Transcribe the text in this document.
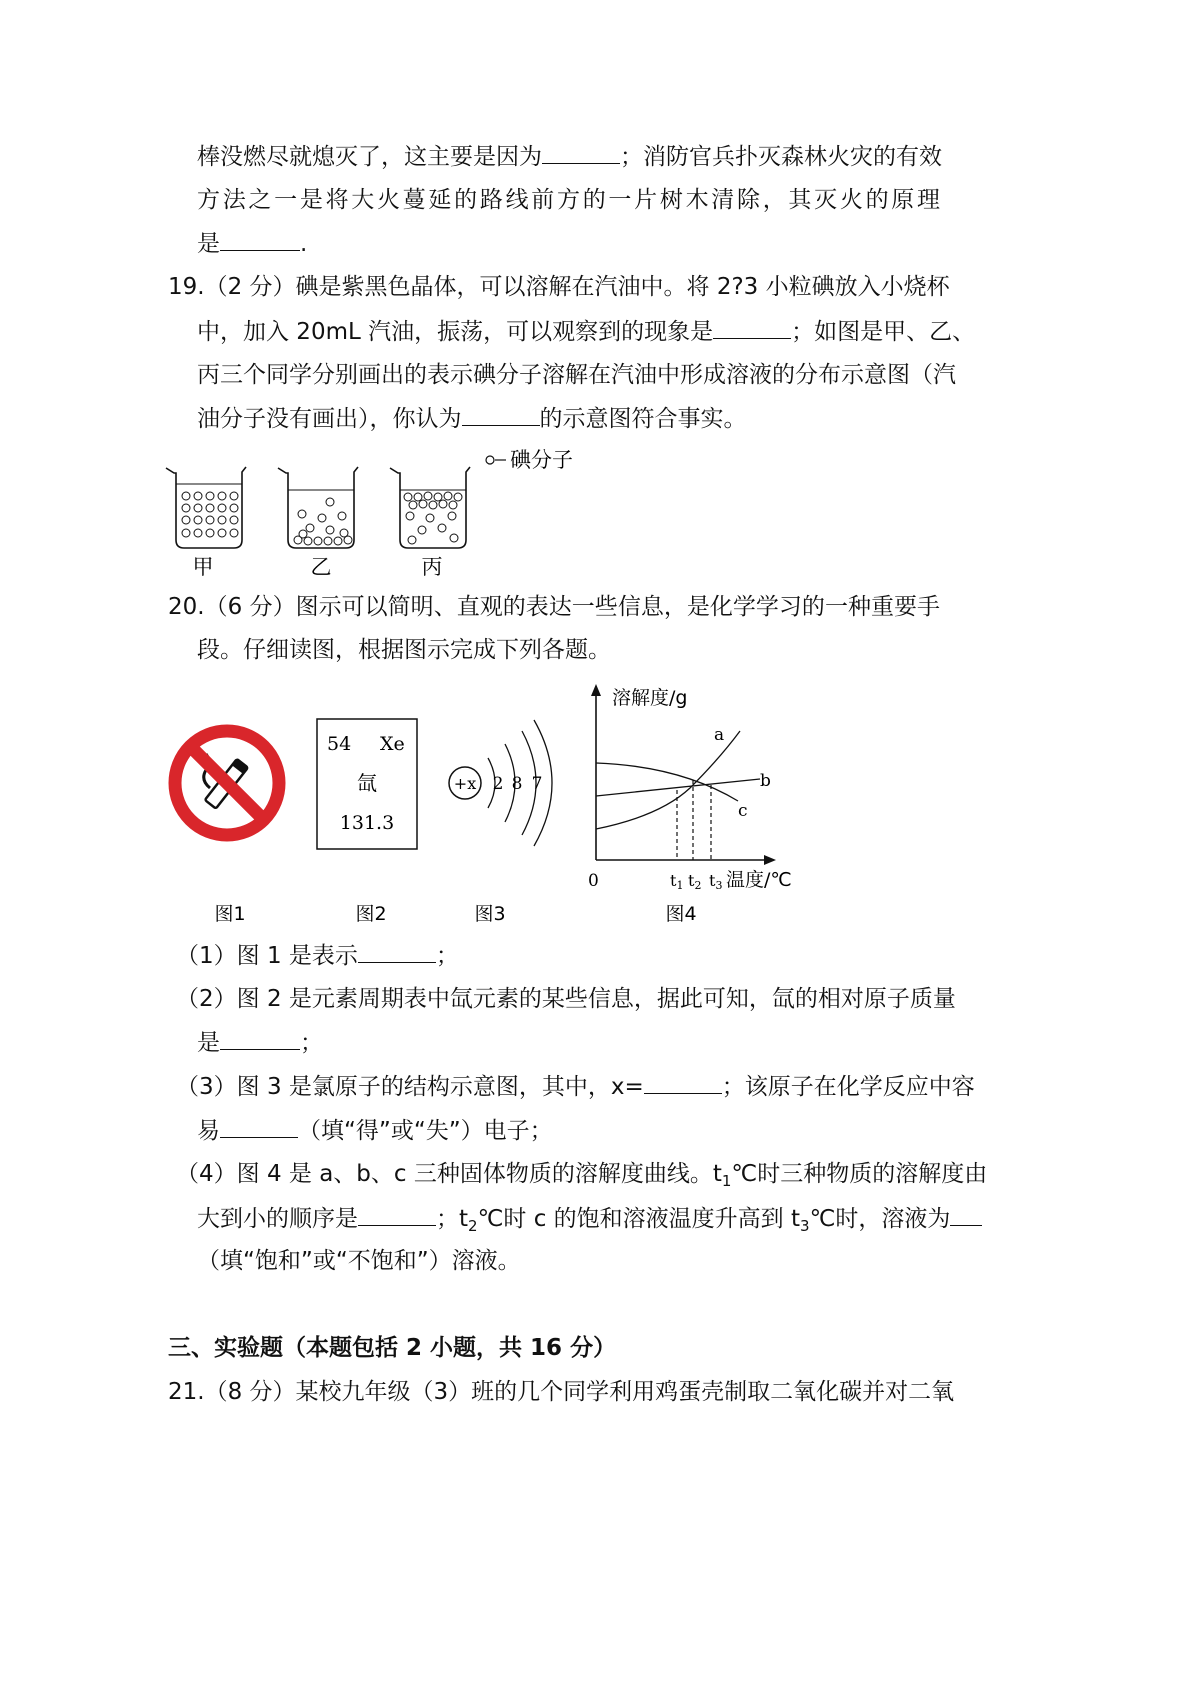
棒没燃尽就熄灭了，这主要是因为	；消防官兵扑灭森林火灾的有效
方法之一是将大火蔓延的路线前方的一片树木清除，其灭火的原理
是	.
19.（2 分）碘是紫黑色晶体，可以溶解在汽油中。将 2?3 小粒碘放入小烧杯
中，加入 20mL 汽油，振荡，可以观察到的现象是	；如图是甲、乙、
丙三个同学分别画出的表示碘分子溶解在汽油中形成溶液的分布示意图（汽
油分子没有画出），你认为	的示意图符合事实。
碘分子
甲	乙	丙
20.（6 分）图示可以简明、直观的表达一些信息，是化学学习的一种重要手
段。仔细读图，根据图示完成下列各题。
54 Xe
氙
131.3
+x 2 8 7
溶解度/g
0
a
b
c
t1 t2 t3 温度/℃
图1	图2	图3	图4
（1）图 1 是表示	；
（2）图 2 是元素周期表中氙元素的某些信息，据此可知，氙的相对原子质量
是	；
（3）图 3 是氯原子的结构示意图，其中，x=	；该原子在化学反应中容
易	（填“得”或“失”）电子；
（4）图 4 是 a、b、c 三种固体物质的溶解度曲线。$t_1℃$时三种物质的溶解度由
大到小的顺序是	；$t_2℃$时 c 的饱和溶液温度升高到 $t_3℃$时，溶液为
（填“饱和”或“不饱和”）溶液。
三、实验题（本题包括 2 小题，共 16 分）
21.（8 分）某校九年级（3）班的几个同学利用鸡蛋壳制取二氧化碳并对二氧
